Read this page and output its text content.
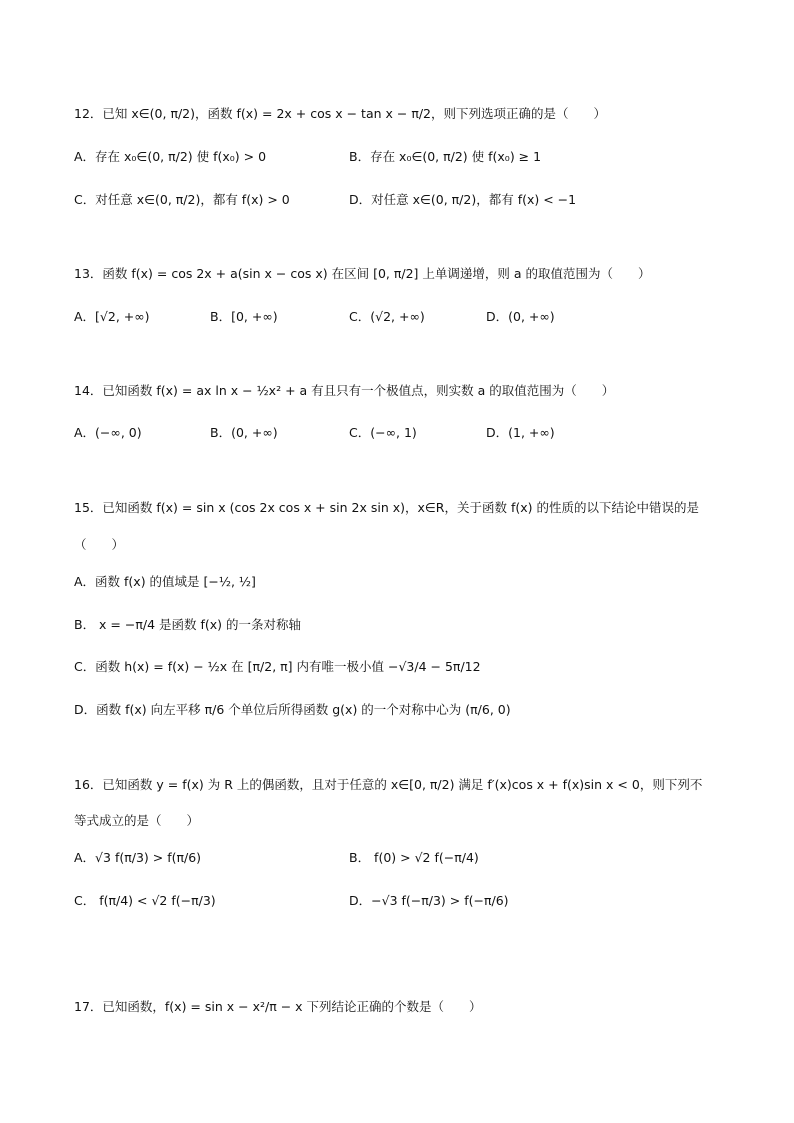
12．已知 x∈(0, π/2)，函数 f(x) = 2x + cos x − tan x − π/2，则下列选项正确的是（　　）
A．存在 x₀∈(0, π/2) 使 f(x₀) > 0	B．存在 x₀∈(0, π/2) 使 f(x₀) ≥ 1
C．对任意 x∈(0, π/2)，都有 f(x) > 0	D．对任意 x∈(0, π/2)，都有 f(x) < −1
13．函数 f(x) = cos 2x + a(sin x − cos x) 在区间 [0, π/2] 上单调递增，则 a 的取值范围为（　　）
A．[√2, +∞)	B．[0, +∞)	C．(√2, +∞)	D．(0, +∞)
14．已知函数 f(x) = ax ln x − ½x² + a 有且只有一个极值点，则实数 a 的取值范围为（　　）
A．(−∞, 0)	B．(0, +∞)	C．(−∞, 1)	D．(1, +∞)
15．已知函数 f(x) = sin x (cos 2x cos x + sin 2x sin x)，x∈R，关于函数 f(x) 的性质的以下结论中错误的是
（　　）
A．函数 f(x) 的值域是 [−½, ½]
B． x = −π/4 是函数 f(x) 的一条对称轴
C．函数 h(x) = f(x) − ½x 在 [π/2, π] 内有唯一极小值 −√3/4 − 5π/12
D．函数 f(x) 向左平移 π/6 个单位后所得函数 g(x) 的一个对称中心为 (π/6, 0)
16．已知函数 y = f(x) 为 R 上的偶函数，且对于任意的 x∈[0, π/2) 满足 f′(x)cos x + f(x)sin x < 0，则下列不
等式成立的是（　　）
A．√3 f(π/3) > f(π/6)	B． f(0) > √2 f(−π/4)
C． f(π/4) < √2 f(−π/3)	D．−√3 f(−π/3) > f(−π/6)
17．已知函数，f(x) = sin x − x²/π − x 下列结论正确的个数是（　　）
